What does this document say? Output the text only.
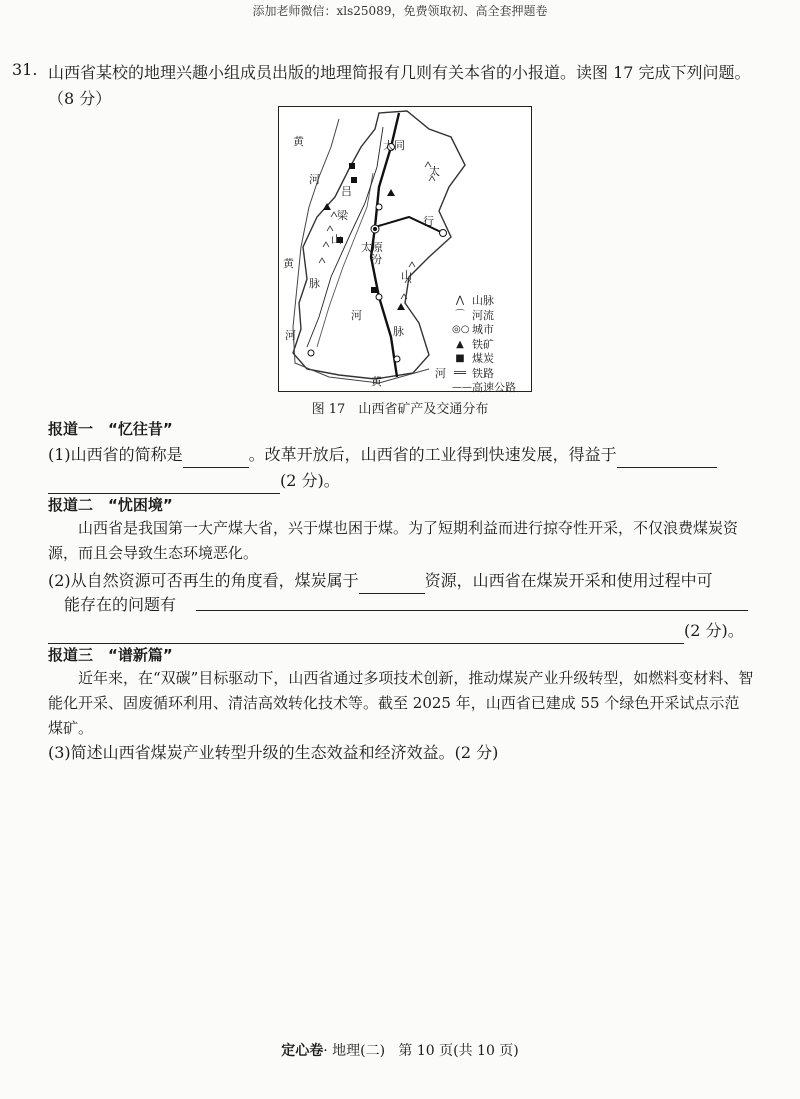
添加老师微信：xls25089，免费领取初、高全套押题卷
31. 山西省某校的地理兴趣小组成员出版的地理简报有几则有关本省的小报道。读图 17 完成下列问题。（8 分）
大同
太原
黄
河
黄
河
吕
梁
山
脉
太
行
山
脉
汾
河
黄
河
⋀ 山脉
⌒ 河流
◎○ 城市
▲ 铁矿
■ 煤炭
══ 铁路
—— 高速公路
图 17　山西省矿产及交通分布
报道一　“忆往昔”
(1)山西省的简称是	。改革开放后，山西省的工业得到快速发展，得益于
(2 分)。
报道二　“忧困境”
山西省是我国第一大产煤大省，兴于煤也困于煤。为了短期利益而进行掠夺性开采，不仅浪费煤炭资源，而且会导致生态环境恶化。
(2)从自然资源可否再生的角度看，煤炭属于	资源，山西省在煤炭开采和使用过程中可
能存在的问题有
(2 分)。
报道三　“谱新篇”
近年来，在“双碳”目标驱动下，山西省通过多项技术创新，推动煤炭产业升级转型，如燃料变材料、智能化开采、固废循环利用、清洁高效转化技术等。截至 2025 年，山西省已建成 55 个绿色开采试点示范煤矿。
(3)简述山西省煤炭产业转型升级的生态效益和经济效益。(2 分)
定心卷· 地理(二) 第 10 页(共 10 页)
